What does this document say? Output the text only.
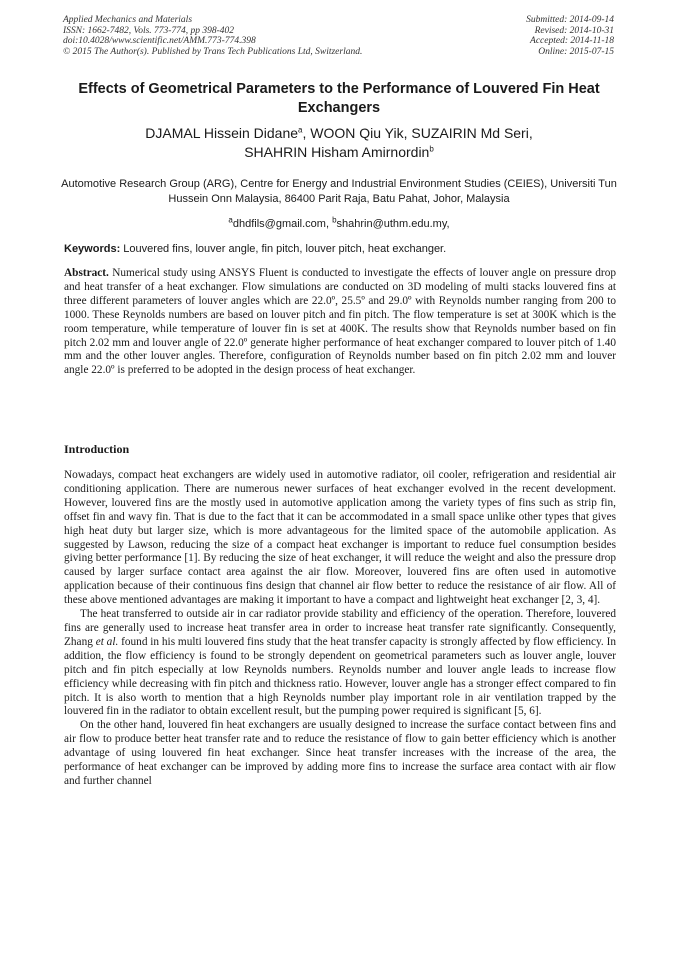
Applied Mechanics and Materials
ISSN: 1662-7482, Vols. 773-774, pp 398-402
doi:10.4028/www.scientific.net/AMM.773-774.398
© 2015 The Author(s). Published by Trans Tech Publications Ltd, Switzerland.
Submitted: 2014-09-14
Revised: 2014-10-31
Accepted: 2014-11-18
Online: 2015-07-15
Effects of Geometrical Parameters to the Performance of Louvered Fin Heat Exchangers
DJAMAL Hissein Didane$^a$, WOON Qiu Yik, SUZAIRIN Md Seri,
SHAHRIN Hisham Amirnordin$^b$
Automotive Research Group (ARG), Centre for Energy and Industrial Environment Studies (CEIES), Universiti Tun Hussein Onn Malaysia, 86400 Parit Raja, Batu Pahat, Johor, Malaysia
$^a$dhdfils@gmail.com, $^b$shahrin@uthm.edu.my,
Keywords: Louvered fins, louver angle, fin pitch, louver pitch, heat exchanger.
Abstract. Numerical study using ANSYS Fluent is conducted to investigate the effects of louver angle on pressure drop and heat transfer of a heat exchanger. Flow simulations are conducted on 3D modeling of multi stacks louvered fins at three different parameters of louver angles which are 22.0º, 25.5º and 29.0º with Reynolds number ranging from 200 to 1000. These Reynolds numbers are based on louver pitch and fin pitch. The flow temperature is set at 300K which is the room temperature, while temperature of louver fin is set at 400K. The results show that Reynolds number based on fin pitch 2.02 mm and louver angle of 22.0º generate higher performance of heat exchanger compared to louver pitch of 1.40 mm and the other louver angles. Therefore, configuration of Reynolds number based on fin pitch 2.02 mm and louver angle 22.0º is preferred to be adopted in the design process of heat exchanger.
Introduction

Nowadays, compact heat exchangers are widely used in automotive radiator, oil cooler, refrigeration and residential air conditioning application. There are numerous newer surfaces of heat exchanger evolved in the recent development. However, louvered fins are the mostly used in automotive application among the variety types of fins such as strip fin, offset fin and wavy fin. That is due to the fact that it can be accommodated in a small space unlike other types that gives high heat duty but larger size, which is more advantageous for the limited space of the automobile application. As suggested by Lawson, reducing the size of a compact heat exchanger is important to reduce fuel consumption besides giving better performance [1]. By reducing the size of heat exchanger, it will reduce the weight and also the pressure drop caused by larger surface contact area against the air flow. Moreover, louvered fins are often used in automotive application because of their continuous fins design that channel air flow better to reduce the resistance of air flow. All of these above mentioned advantages are making it important to have a compact and lightweight heat exchanger [2, 3, 4].

The heat transferred to outside air in car radiator provide stability and efficiency of the operation. Therefore, louvered fins are generally used to increase heat transfer area in order to increase heat transfer rate significantly. Consequently, Zhang et al. found in his multi louvered fins study that the heat transfer capacity is strongly affected by flow efficiency. In addition, the flow efficiency is found to be strongly dependent on geometrical parameters such as louver angle, louver pitch and fin pitch especially at low Reynolds numbers. Reynolds number and louver angle leads to increase flow efficiency while decreasing with fin pitch and thickness ratio. However, louver angle has a stronger effect compared to fin pitch. It is also worth to mention that a high Reynolds number play important role in air ventilation trapped by the louvered fin in the radiator to obtain excellent result, but the pumping power required is significant [5, 6].

On the other hand, louvered fin heat exchangers are usually designed to increase the surface contact between fins and air flow to produce better heat transfer rate and to reduce the resistance of flow to gain better efficiency which is another advantage of using louvered fin heat exchanger. Since heat transfer increases with the increase of the area, the performance of heat exchanger can be improved by adding more fins to increase the surface area contact with air flow and further channel
